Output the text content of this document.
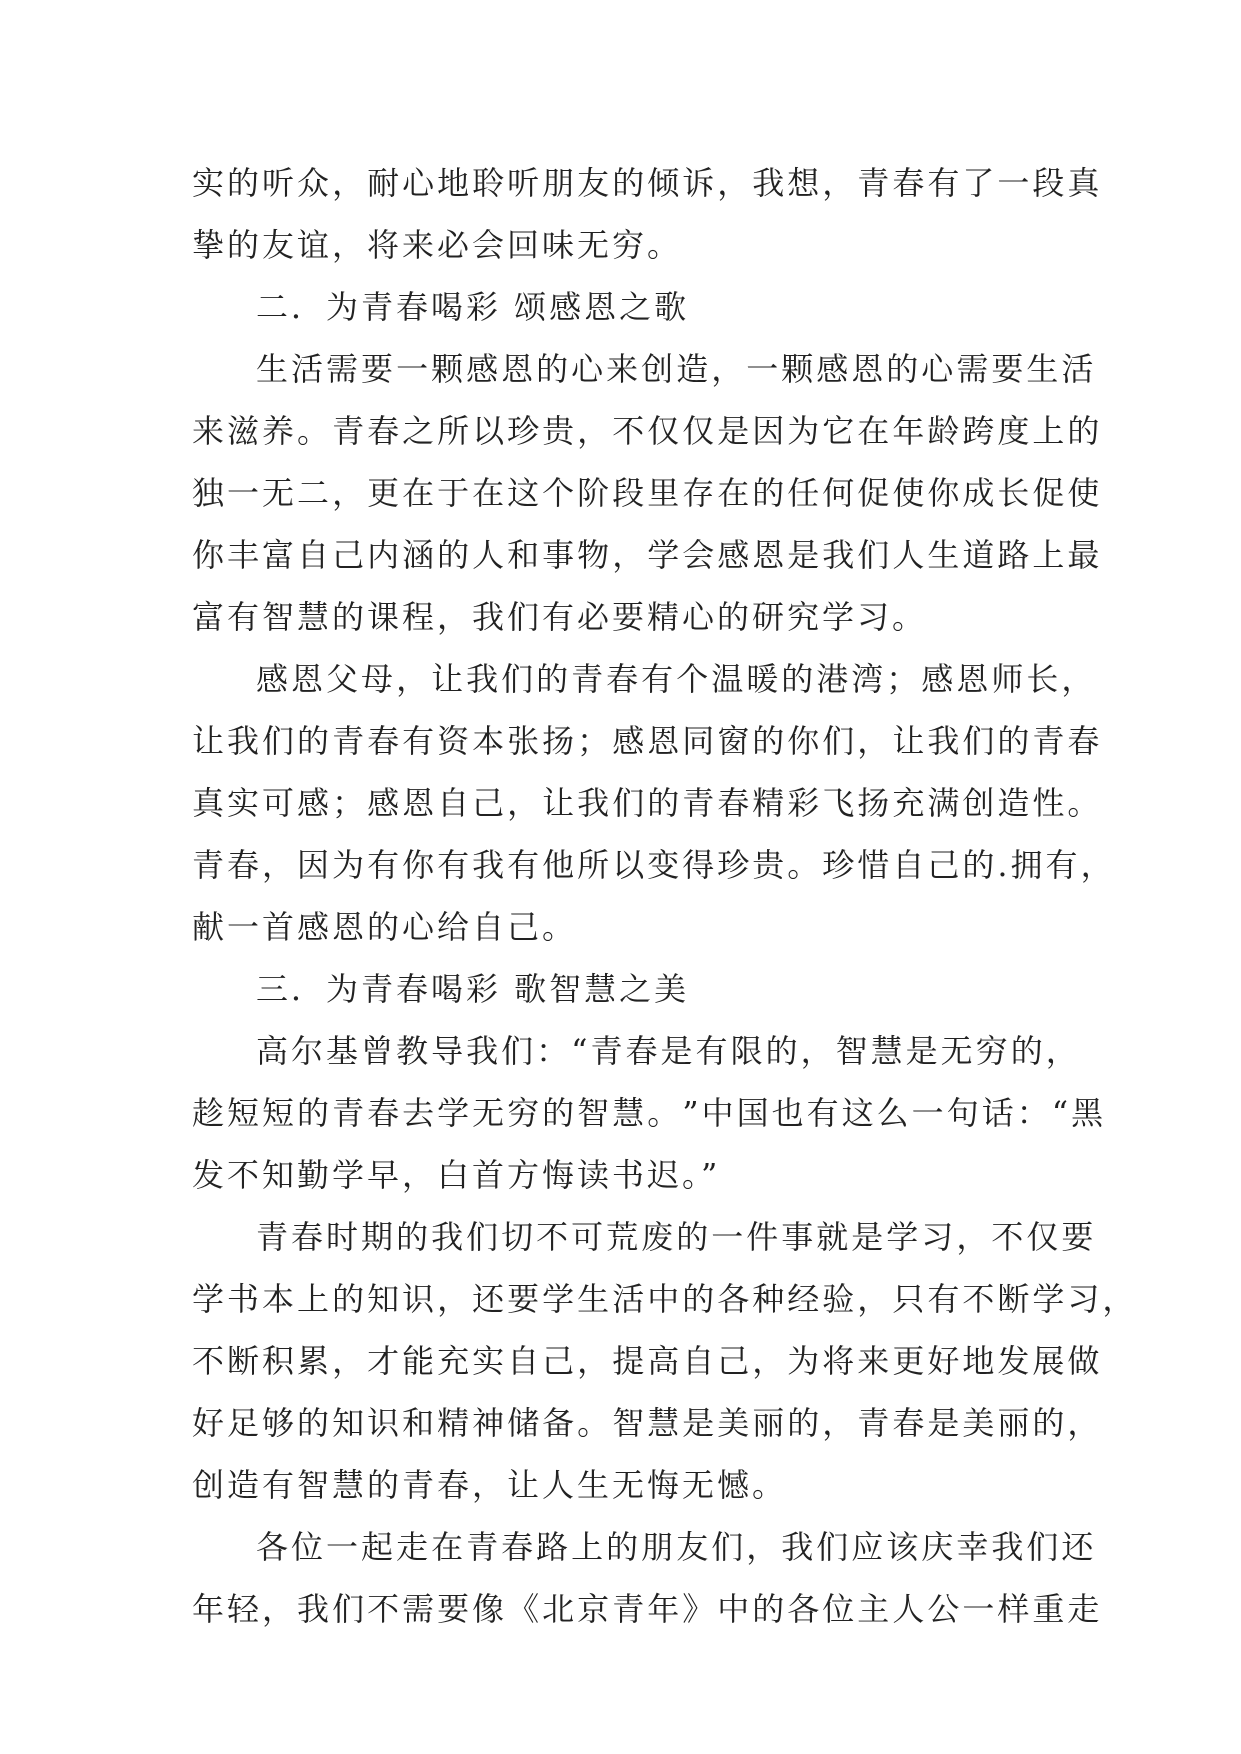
实 的 听 众 ， 耐 心 地 聆 听 朋 友 的 倾 诉 ， 我 想 ， 青 春 有 了 一 段 真
挚的友谊，将来必会回味无穷。
二．为青春喝彩 颂感恩之歌
生 活 需 要 一 颗 感 恩 的 心 来 创 造 ， 一 颗 感 恩 的 心 需 要 生 活
来 滋 养 。 青 春 之 所 以 珍 贵 ， 不 仅 仅 是 因 为 它 在 年 龄 跨 度 上 的
独 一 无 二 ， 更 在 于 在 这 个 阶 段 里 存 在 的 任 何 促 使 你 成 长 促 使
你 丰 富 自 己 内 涵 的 人 和 事 物 ， 学 会 感 恩 是 我 们 人 生 道 路 上 最
富有智慧的课程，我们有必要精心的研究学习。
感 恩 父 母 ， 让 我 们 的 青 春 有 个 温 暖 的 港 湾 ； 感 恩 师 长 ，
让 我 们 的 青 春 有 资 本 张 扬 ； 感 恩 同 窗 的 你 们 ， 让 我 们 的 青 春
真 实 可 感 ； 感 恩 自 己 ， 让 我 们 的 青 春 精 彩 飞 扬 充 满 创 造 性 。
青 春 ， 因 为 有 你 有 我 有 他 所 以 变 得 珍 贵 。 珍 惜 自 己 的 . 拥 有 ，
献一首感恩的心给自己。
三．为青春喝彩 歌智慧之美
高 尔 基 曾 教 导 我 们 ： “ 青 春 是 有 限 的 ， 智 慧 是 无 穷 的 ，
趁 短 短 的 青 春 去 学 无 穷 的 智 慧 。 ” 中 国 也 有 这 么 一 句 话 ： “ 黑
发不知勤学早，白首方悔读书迟。”
青 春 时 期 的 我 们 切 不 可 荒 废 的 一 件 事 就 是 学 习 ， 不 仅 要
学 书 本 上 的 知 识 ， 还 要 学 生 活 中 的 各 种 经 验 ， 只 有 不 断 学 习 ，
不 断 积 累 ， 才 能 充 实 自 己 ， 提 高 自 己 ， 为 将 来 更 好 地 发 展 做
好 足 够 的 知 识 和 精 神 储 备 。 智 慧 是 美 丽 的 ， 青 春 是 美 丽 的 ，
创造有智慧的青春，让人生无悔无憾。
各 位 一 起 走 在 青 春 路 上 的 朋 友 们 ， 我 们 应 该 庆 幸 我 们 还
年 轻 ， 我 们 不 需 要 像 《 北 京 青 年 》 中 的 各 位 主 人 公 一 样 重 走
